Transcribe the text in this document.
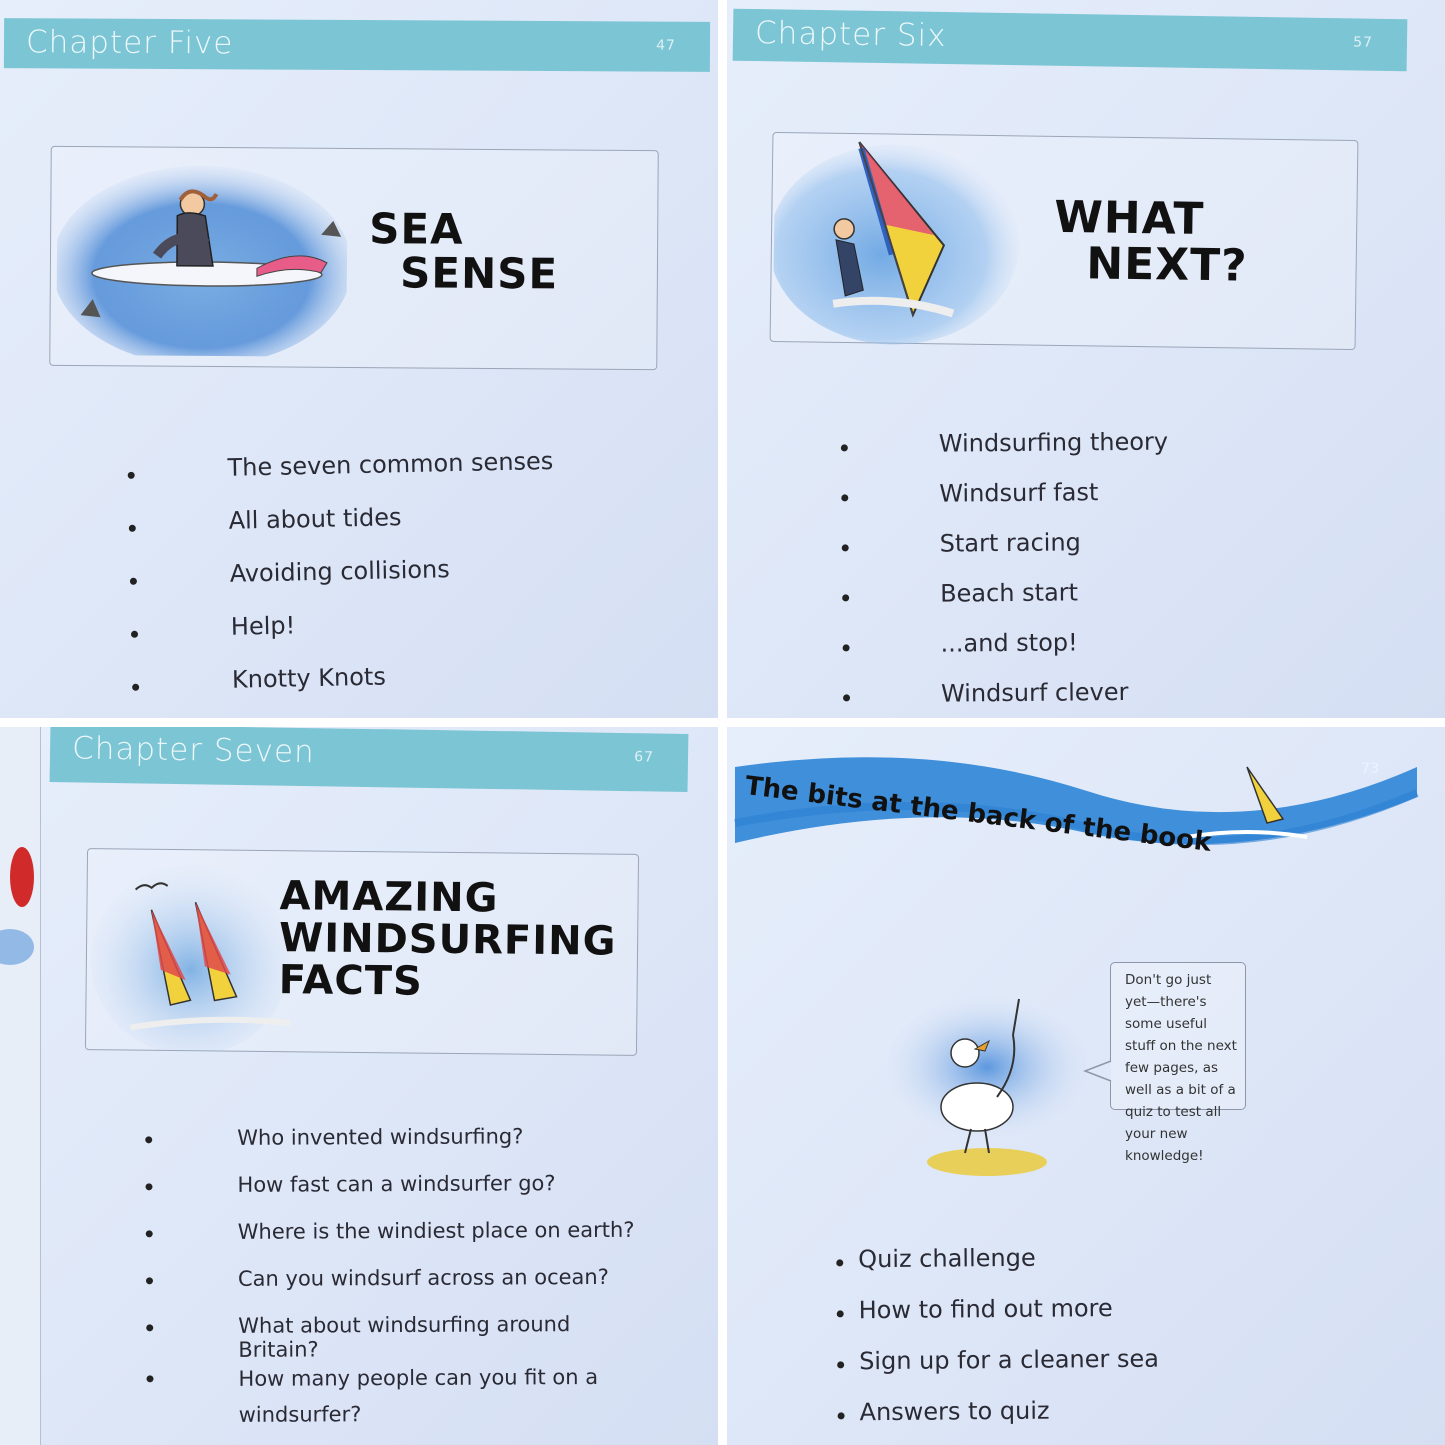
Chapter Five	47
SEA
SENSE
The seven common senses
All about tides
Avoiding collisions
Help!
Knotty Knots
Chapter Six	57
WHAT
NEXT?
Windsurfing theory
Windsurf fast
Start racing
Beach start
...and stop!
Windsurf clever
Chapter Seven	67
AMAZING
WINDSURFING
FACTS
Who invented windsurfing?
How fast can a windsurfer go?
Where is the windiest place on earth?
Can you windsurf across an ocean?
What about windsurfing around Britain?
How many people can you fit on a windsurfer?
The bits at the back of the book
73
Don't go just yet—there's some useful stuff on the next few pages, as well as a bit of a quiz to test all your new knowledge!
Quiz challenge
How to find out more
Sign up for a cleaner sea
Answers to quiz
